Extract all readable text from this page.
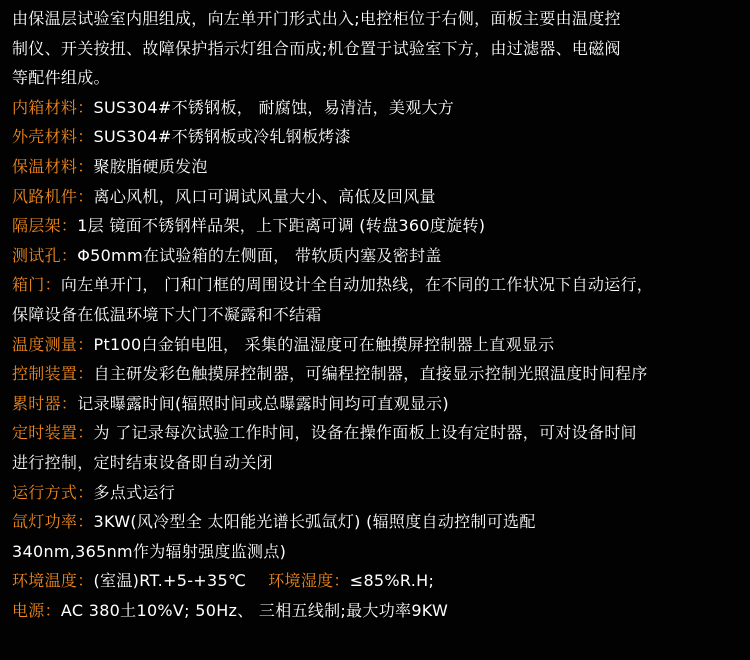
由保温层试验室内胆组成，向左单开门形式出入;电控柜位于右侧，面板主要由温度控
制仪、开关按扭、故障保护指示灯组合而成;机仓置于试验室下方，由过滤器、电磁阀
等配件组成。
内箱材料：SUS304#不锈钢板， 耐腐蚀，易清洁，美观大方
外壳材料：SUS304#不锈钢板或冷轧钢板烤漆
保温材料：聚胺脂硬质发泡
风路机件：离心风机，风口可调试风量大小、高低及回风量
隔层架：1层 镜面不锈钢样品架，上下距离可调 (转盘360度旋转)
测试孔：Φ50mm在试验箱的左侧面， 带软质内塞及密封盖
箱门：向左单开门， 门和门框的周围设计全自动加热线，在不同的工作状况下自动运行，
保障设备在低温环境下大门不凝露和不结霜
温度测量：Pt100白金铂电阻， 采集的温湿度可在触摸屏控制器上直观显示
控制装置：自主研发彩色触摸屏控制器，可编程控制器，直接显示控制光照温度时间程序
累时器：记录曝露时间(辐照时间或总曝露时间均可直观显示)
定时装置：为 了记录每次试验工作时间，设备在操作面板上设有定时器，可对设备时间
进行控制，定时结束设备即自动关闭
运行方式：多点式运行
氙灯功率：3KW(风冷型全 太阳能光谱长弧氙灯) (辐照度自动控制可选配
340nm,365nm作为辐射强度监测点)
环境温度：(室温)RT.+5-+35℃ 环境湿度：≤85%R.H;
电源：AC 380土10%V; 50Hz、 三相五线制;最大功率9KW
